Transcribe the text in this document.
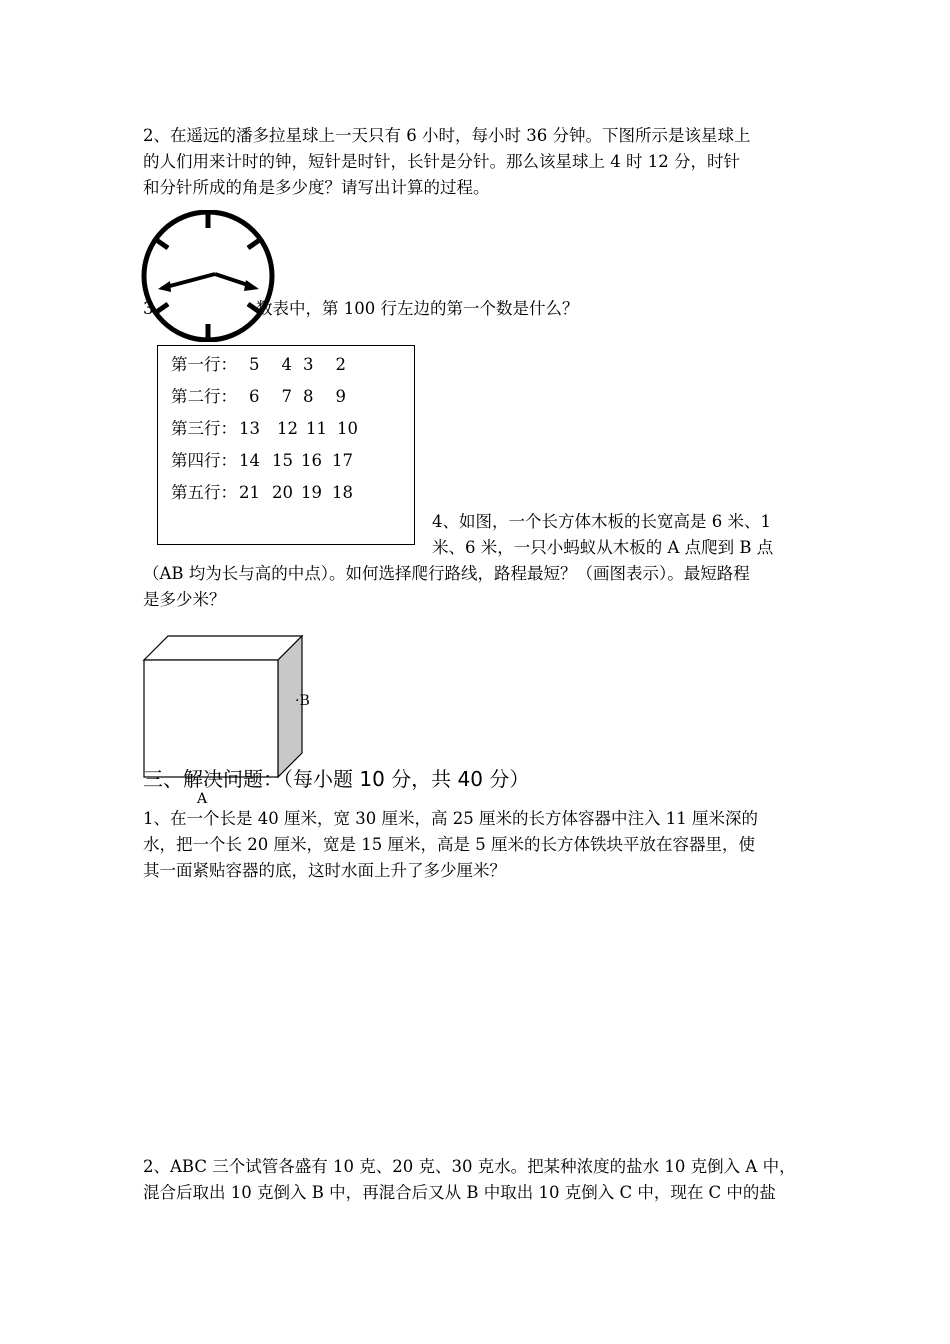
2、在遥远的潘多拉星球上一天只有 6 小时，每小时 36 分钟。下图所示是该星球上
的人们用来计时的钟，短针是时针，长针是分针。那么该星球上 4 时 12 分，时针
和分针所成的角是多少度？请写出计算的过程。
3	数表中，第 100 行左边的第一个数是什么？
第一行： 5 4 3 2
第二行： 6 7 8 9
第三行： 13 12 11 10
第四行： 14 15 16 17
第五行： 21 20 19 18
4、如图，一个长方体木板的长宽高是 6 米、1
米、6 米，一只小蚂蚁从木板的 A 点爬到 B 点
（AB 均为长与高的中点）。如何选择爬行路线，路程最短？（画图表示）。最短路程
是多少米？
·B
A
三、解决问题：（每小题 10 分，共 40 分）
1、在一个长是 40 厘米，宽 30 厘米，高 25 厘米的长方体容器中注入 11 厘米深的
水，把一个长 20 厘米，宽是 15 厘米，高是 5 厘米的长方体铁块平放在容器里，使
其一面紧贴容器的底，这时水面上升了多少厘米？
2、ABC 三个试管各盛有 10 克、20 克、30 克水。把某种浓度的盐水 10 克倒入 A 中，
混合后取出 10 克倒入 B 中，再混合后又从 B 中取出 10 克倒入 C 中，现在 C 中的盐
